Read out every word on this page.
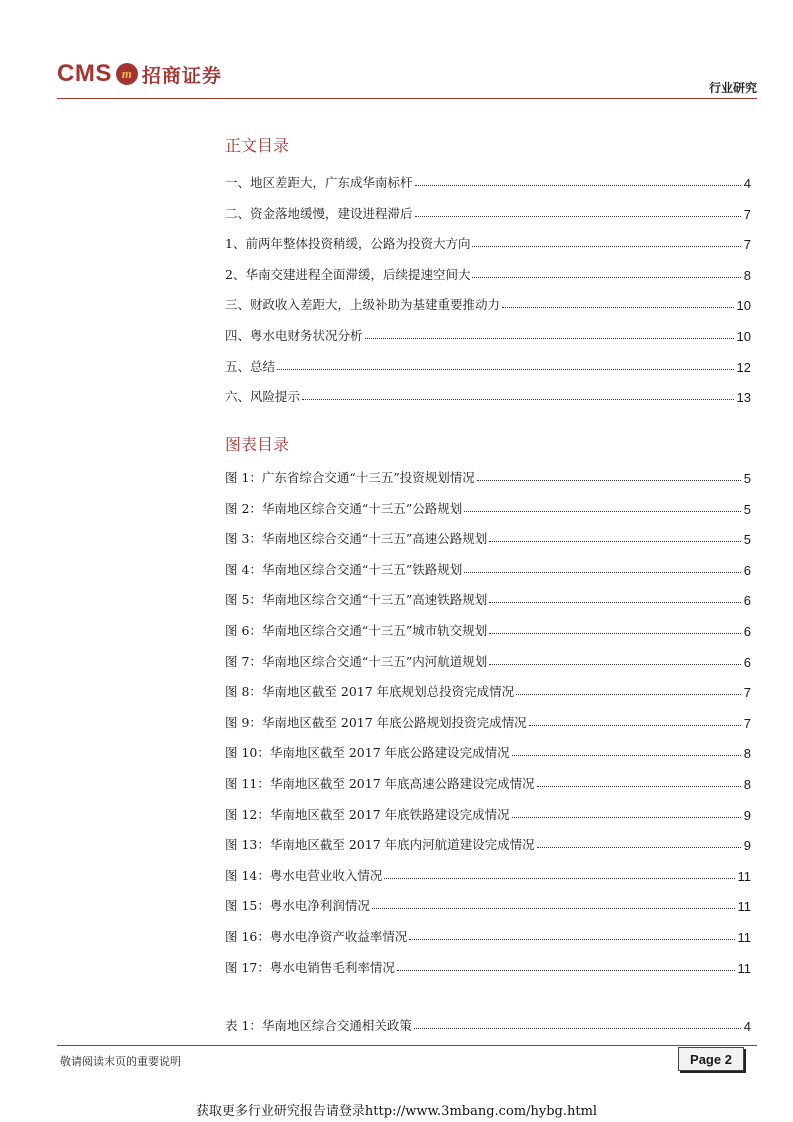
CMS m 招商证券
行业研究
正文目录
一、地区差距大，广东成华南标杆	4
二、资金落地缓慢，建设进程滞后	7
1、前两年整体投资稍缓，公路为投资大方向	7
2、华南交建进程全面滞缓，后续提速空间大	8
三、财政收入差距大，上级补助为基建重要推动力	10
四、粤水电财务状况分析	10
五、总结	12
六、风险提示	13
图表目录
图 1：广东省综合交通“十三五”投资规划情况	5
图 2：华南地区综合交通“十三五”公路规划	5
图 3：华南地区综合交通“十三五”高速公路规划	5
图 4：华南地区综合交通“十三五”铁路规划	6
图 5：华南地区综合交通“十三五”高速铁路规划	6
图 6：华南地区综合交通“十三五”城市轨交规划	6
图 7：华南地区综合交通“十三五”内河航道规划	6
图 8：华南地区截至 2017 年底规划总投资完成情况	7
图 9：华南地区截至 2017 年底公路规划投资完成情况	7
图 10：华南地区截至 2017 年底公路建设完成情况	8
图 11：华南地区截至 2017 年底高速公路建设完成情况	8
图 12：华南地区截至 2017 年底铁路建设完成情况	9
图 13：华南地区截至 2017 年底内河航道建设完成情况	9
图 14：粤水电营业收入情况	11
图 15：粤水电净利润情况	11
图 16：粤水电净资产收益率情况	11
图 17：粤水电销售毛利率情况	11
表 1：华南地区综合交通相关政策	4
敬请阅读末页的重要说明	Page 2
获取更多行业研究报告请登录http://www.3mbang.com/hybg.html
